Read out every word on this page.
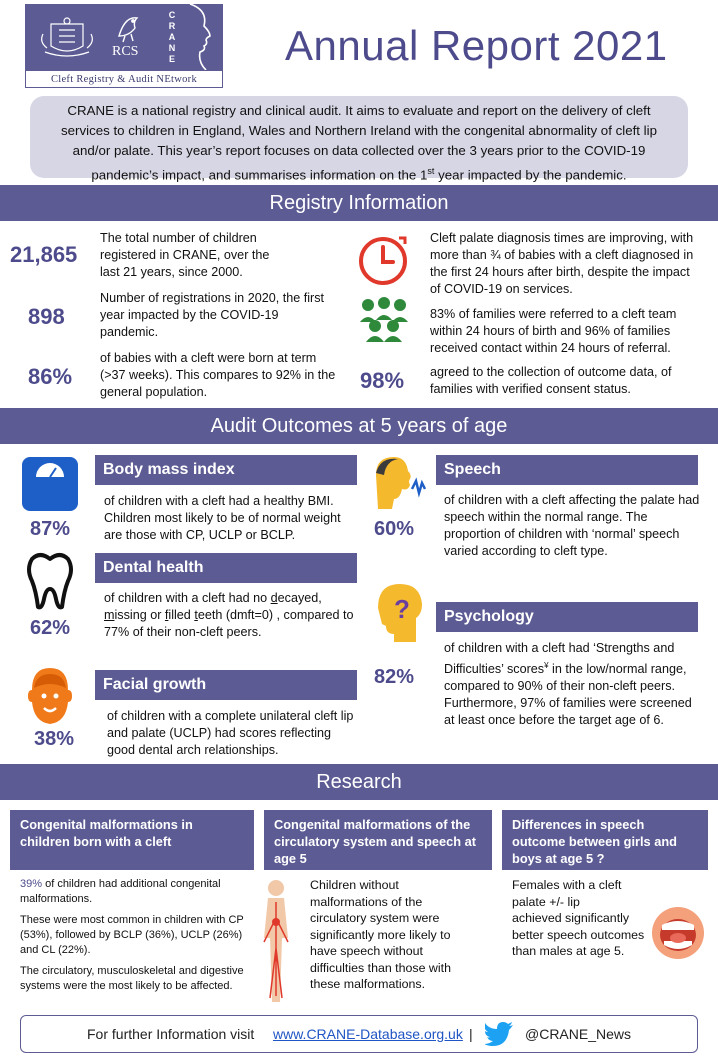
RCS
C
R
A
N
E
Cleft Registry & Audit NEtwork
Annual Report 2021
CRANE is a national registry and clinical audit. It aims to evaluate and report on the delivery of cleft services to children in England, Wales and Northern Ireland with the congenital abnormality of cleft lip and/or palate. This year’s report focuses on data collected over the 3 years prior to the COVID-19 pandemic’s impact, and summarises information on the 1st year impacted by the pandemic.
Registry Information
21,865
The total number of children registered in CRANE, over the last 21 years, since 2000.
898
Number of registrations in 2020, the first year impacted by the COVID-19 pandemic.
86%
of babies with a cleft were born at term (>37 weeks). This compares to 92% in the general population.
Cleft palate diagnosis times are improving, with more than ¾ of babies with a cleft diagnosed in the first 24 hours after birth, despite the impact of COVID-19 on services.
83% of families were referred to a cleft team within 24 hours of birth and 96% of families received contact within 24 hours of referral.
98% agreed to the collection of outcome data, of families with verified consent status.
Audit Outcomes at 5 years of age
Body mass index
87%
of children with a cleft had a healthy BMI. Children most likely to be of normal weight are those with CP, UCLP or BCLP.
Dental health
62%
of children with a cleft had no decayed, missing or filled teeth (dmft=0) , compared to 77% of their non-cleft peers.
Facial growth
38%
of children with a complete unilateral cleft lip and palate (UCLP) had scores reflecting good dental arch relationships.
Speech
60%
of children with a cleft affecting the palate had speech within the normal range. The proportion of children with ‘normal’ speech varied according to cleft type.
?	Psychology
82%
of children with a cleft had ‘Strengths and Difficulties’ scores¥ in the low/normal range, compared to 90% of their non-cleft peers. Furthermore, 97% of families were screened at least once before the target age of 6.
Research
Congenital malformations in children born with a cleft
Congenital malformations of the circulatory system and speech at age 5
Differences in speech outcome between girls and boys at age 5 ?

39% of children had additional congenital malformations.

These were most common in children with CP (53%), followed by BCLP (36%), UCLP (26%) and CL (22%).

The circulatory, musculoskeletal and digestive systems were the most likely to be affected.

Children without malformations of the circulatory system were significantly more likely to have speech without difficulties than those with these malformations.
Females with a cleft palate +/- lip
achieved significantly better speech outcomes than males at age 5.
For further Information visit www.CRANE-Database.org.uk |	@CRANE_News
